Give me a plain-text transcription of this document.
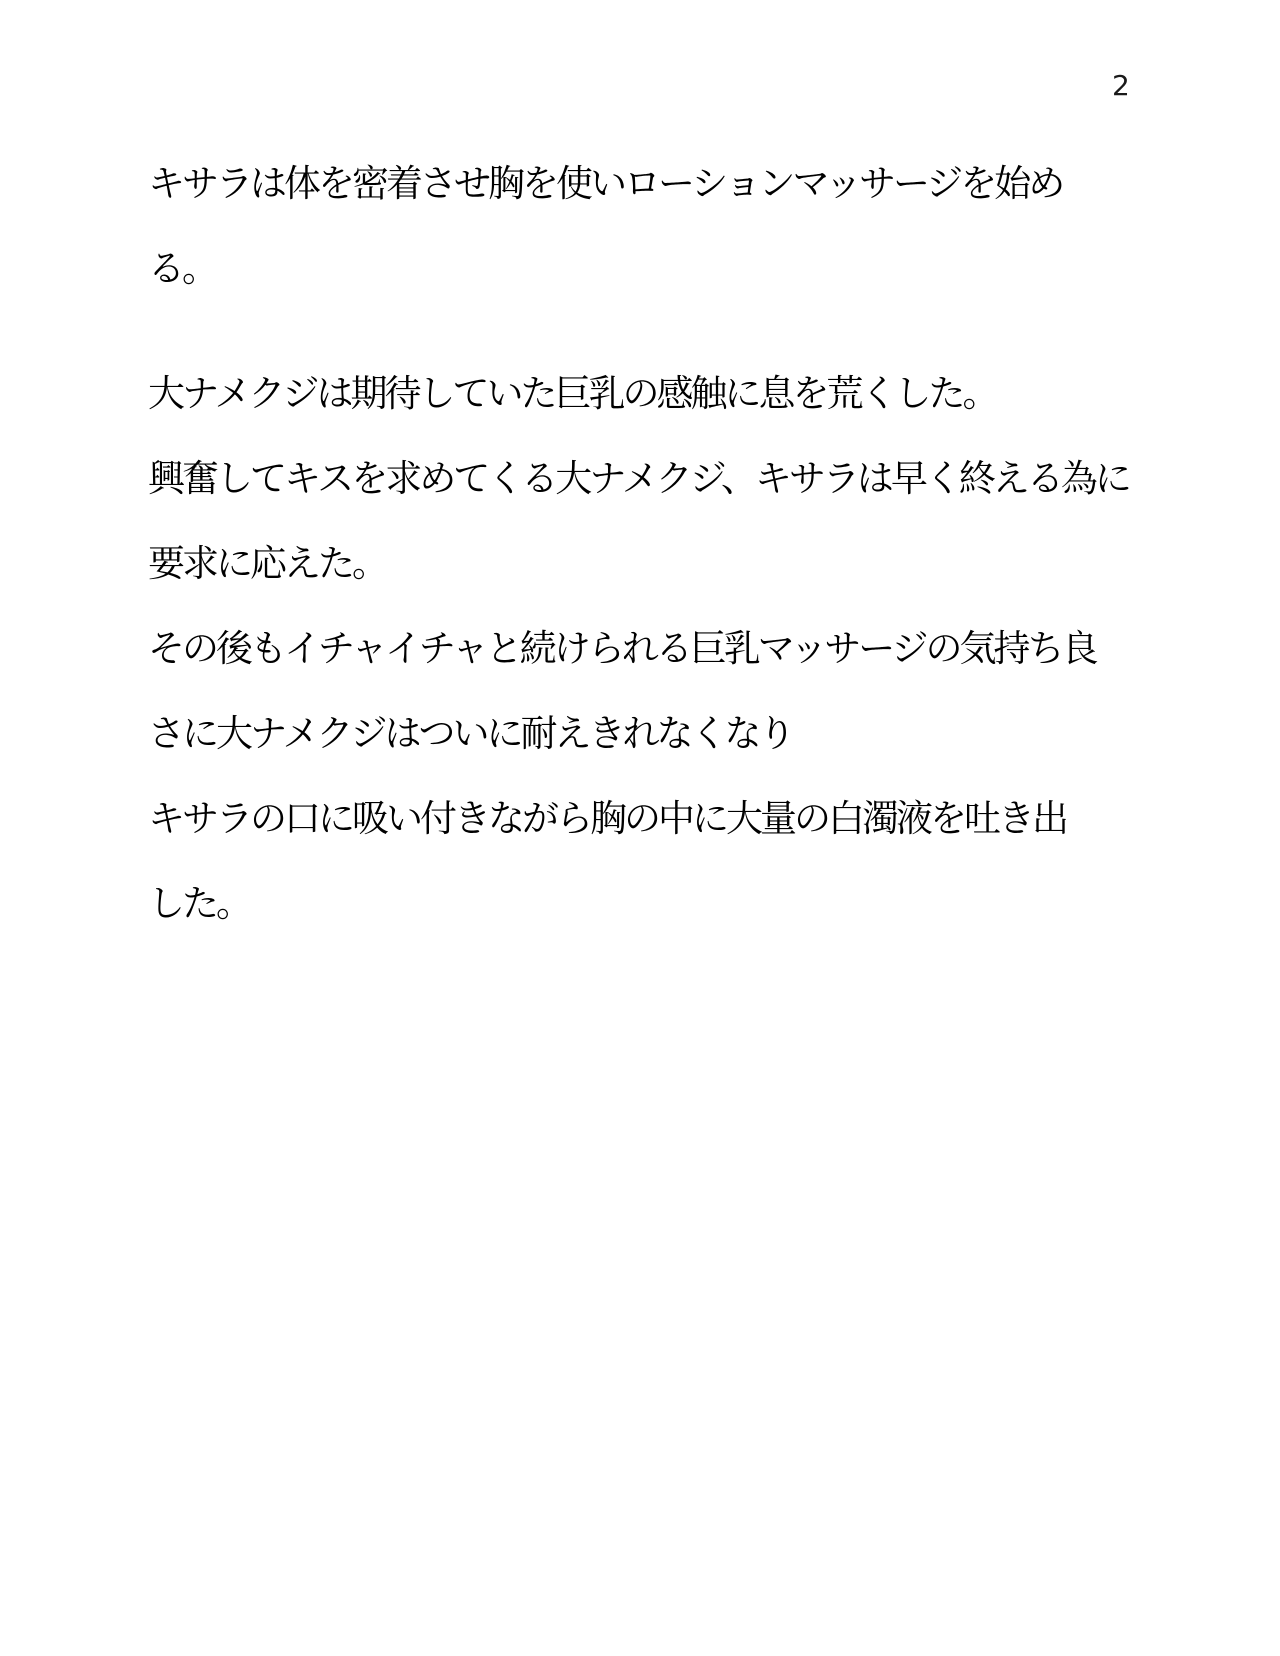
2
キサラは体を密着させ胸を使いローションマッサージを始め
る。
大ナメクジは期待していた巨乳の感触に息を荒くした。
興奮してキスを求めてくる大ナメクジ、キサラは早く終える為に
要求に応えた。
その後もイチャイチャと続けられる巨乳マッサージの気持ち良
さに大ナメクジはついに耐えきれなくなり
キサラの口に吸い付きながら胸の中に大量の白濁液を吐き出
した。
